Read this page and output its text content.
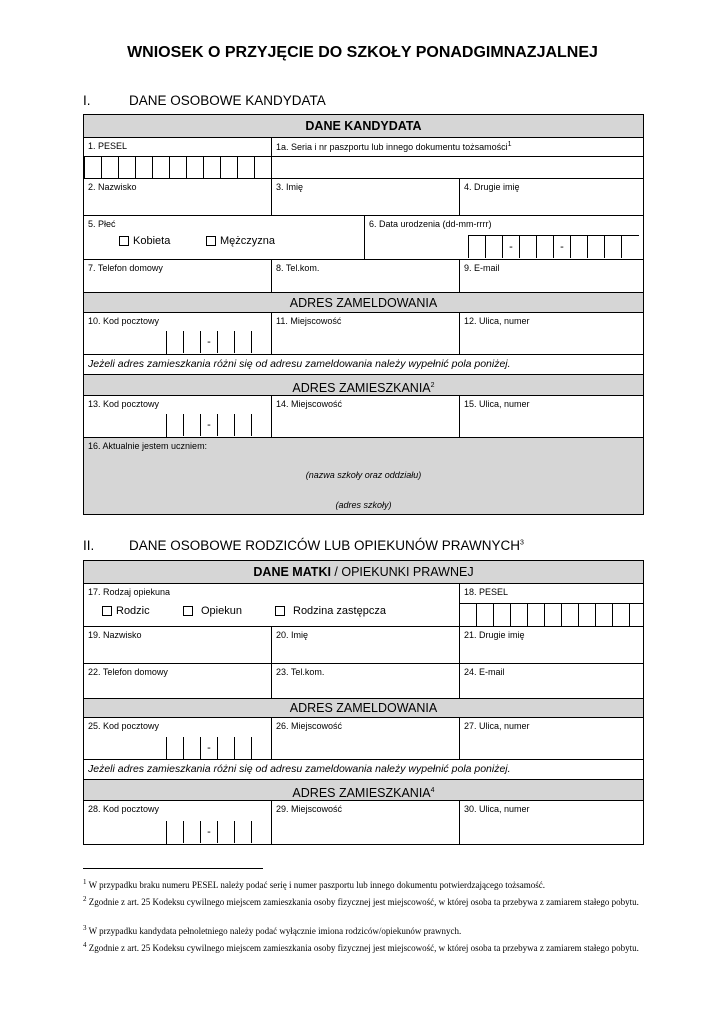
WNIOSEK O PRZYJĘCIE DO SZKOŁY PONADGIMNAZJALNEJ
I.	DANE OSOBOWE KANDYDATA
DANE KANDYDATA
1. PESEL	1a. Seria i nr paszportu lub innego dokumentu tożsamości$^1$
2. Nazwisko	3. Imię	4. Drugie imię
5. Płeć
Kobieta	Mężczyzna
6. Data urodzenia (dd-mm-rrrr)
-	-
7. Telefon domowy	8. Tel.kom.	9. E-mail
ADRES ZAMELDOWANIA
10. Kod pocztowy
-
11. Miejscowość	12. Ulica, numer
Jeżeli adres zamieszkania różni się od adresu zameldowania należy wypełnić pola poniżej.
ADRES ZAMIESZKANIA$^2$
13. Kod pocztowy
-
14. Miejscowość	15. Ulica, numer
16. Aktualnie jestem uczniem:
(nazwa szkoły oraz oddziału)
(adres szkoły)
II.	DANE OSOBOWE RODZICÓW LUB OPIEKUNÓW PRAWNYCH$^3$
DANE MATKI / OPIEKUNKI PRAWNEJ
17. Rodzaj opiekuna
Rodzic	Opiekun	Rodzina zastępcza
18. PESEL
19. Nazwisko	20. Imię	21. Drugie imię
22. Telefon domowy	23. Tel.kom.	24. E-mail
ADRES ZAMELDOWANIA
25. Kod pocztowy
-
26. Miejscowość	27. Ulica, numer
Jeżeli adres zamieszkania różni się od adresu zameldowania należy wypełnić pola poniżej.
ADRES ZAMIESZKANIA$^4$
28. Kod pocztowy
-
29. Miejscowość	30. Ulica, numer
$^1$ W przypadku braku numeru PESEL należy podać serię i numer paszportu lub innego dokumentu potwierdzającego tożsamość.
$^2$ Zgodnie z art. 25 Kodeksu cywilnego miejscem zamieszkania osoby fizycznej jest miejscowość, w której osoba ta przebywa z zamiarem stałego pobytu.
$^3$ W przypadku kandydata pełnoletniego należy podać wyłącznie imiona rodziców/opiekunów prawnych.
$^4$ Zgodnie z art. 25 Kodeksu cywilnego miejscem zamieszkania osoby fizycznej jest miejscowość, w której osoba ta przebywa z zamiarem stałego pobytu.
